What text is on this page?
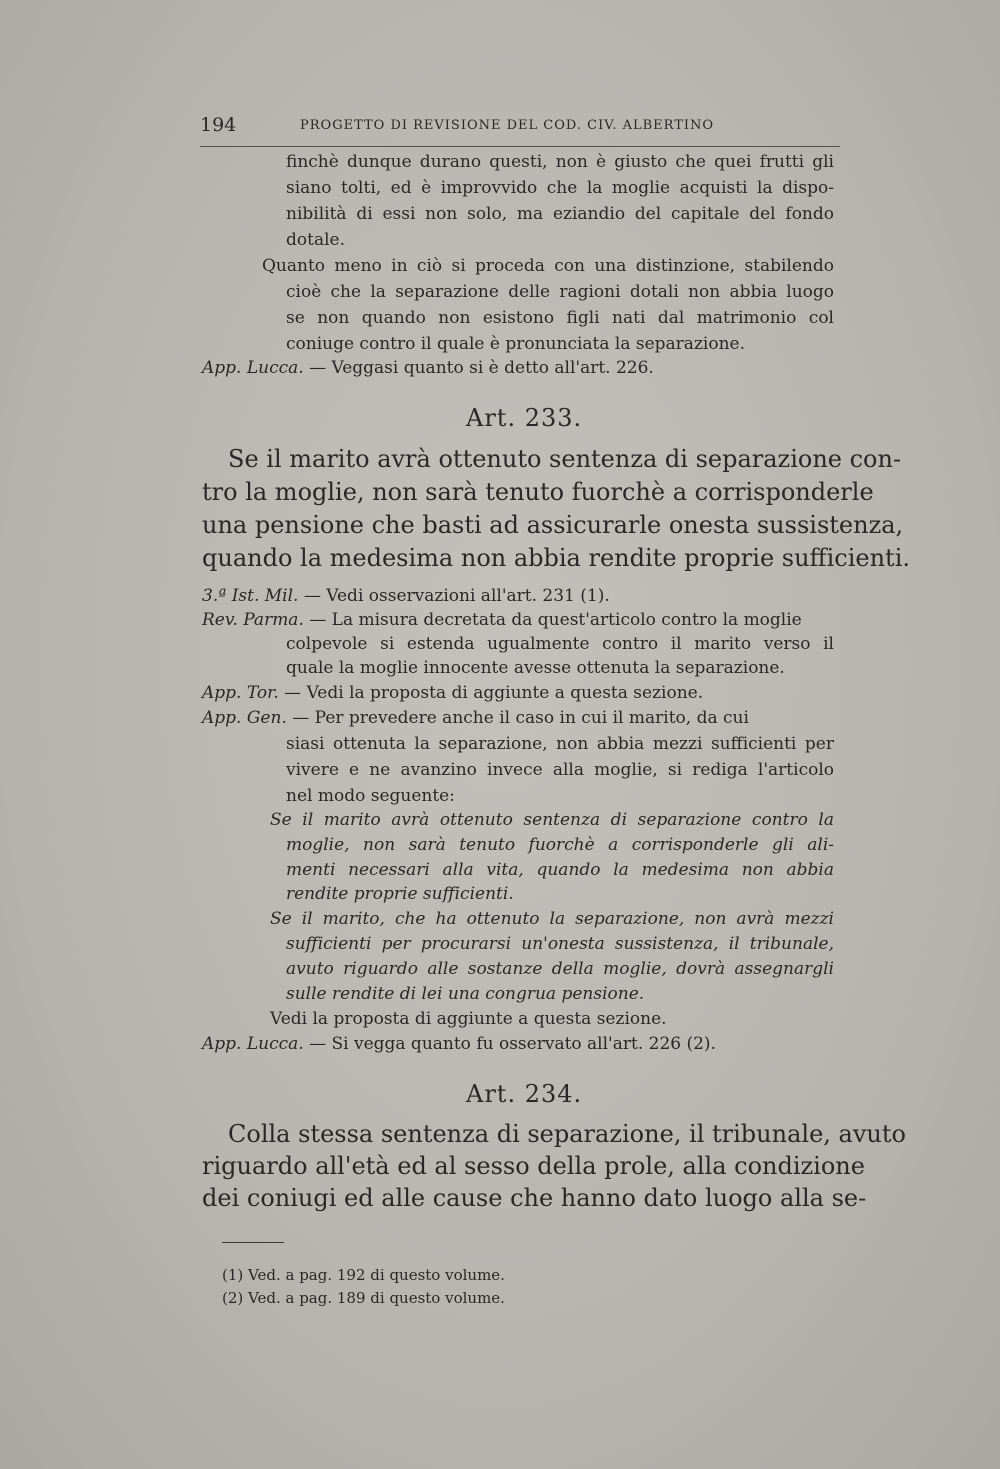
194	PROGETTO DI REVISIONE DEL COD. CIV. ALBERTINO
finchè dunque durano questi, non è giusto che quei frutti gli
siano tolti, ed è improvvido che la moglie acquisti la dispo-
nibilità di essi non solo, ma eziandio del capitale del fondo
dotale.
Quanto meno in ciò si proceda con una distinzione, stabilendo
cioè che la separazione delle ragioni dotali non abbia luogo
se non quando non esistono figli nati dal matrimonio col
coniuge contro il quale è pronunciata la separazione.
App. Lucca. — Veggasi quanto si è detto all'art. 226.
Art. 233.
Se il marito avrà ottenuto sentenza di separazione con-
tro la moglie, non sarà tenuto fuorchè a corrisponderle
una pensione che basti ad assicurarle onesta sussistenza,
quando la medesima non abbia rendite proprie sufficienti.
3.ª Ist. Mil. — Vedi osservazioni all'art. 231 (1).
Rev. Parma. — La misura decretata da quest'articolo contro la moglie
colpevole si estenda ugualmente contro il marito verso il
quale la moglie innocente avesse ottenuta la separazione.
App. Tor. — Vedi la proposta di aggiunte a questa sezione.
App. Gen. — Per prevedere anche il caso in cui il marito, da cui
siasi ottenuta la separazione, non abbia mezzi sufficienti per
vivere e ne avanzino invece alla moglie, si rediga l'articolo
nel modo seguente:
Se il marito avrà ottenuto sentenza di separazione contro la
moglie, non sarà tenuto fuorchè a corrisponderle gli ali-
menti necessari alla vita, quando la medesima non abbia
rendite proprie sufficienti.
Se il marito, che ha ottenuto la separazione, non avrà mezzi
sufficienti per procurarsi un'onesta sussistenza, il tribunale,
avuto riguardo alle sostanze della moglie, dovrà assegnargli
sulle rendite di lei una congrua pensione.
Vedi la proposta di aggiunte a questa sezione.
App. Lucca. — Si vegga quanto fu osservato all'art. 226 (2).
Art. 234.
Colla stessa sentenza di separazione, il tribunale, avuto
riguardo all'età ed al sesso della prole, alla condizione
dei coniugi ed alle cause che hanno dato luogo alla se-
(1) Ved. a pag. 192 di questo volume.
(2) Ved. a pag. 189 di questo volume.
